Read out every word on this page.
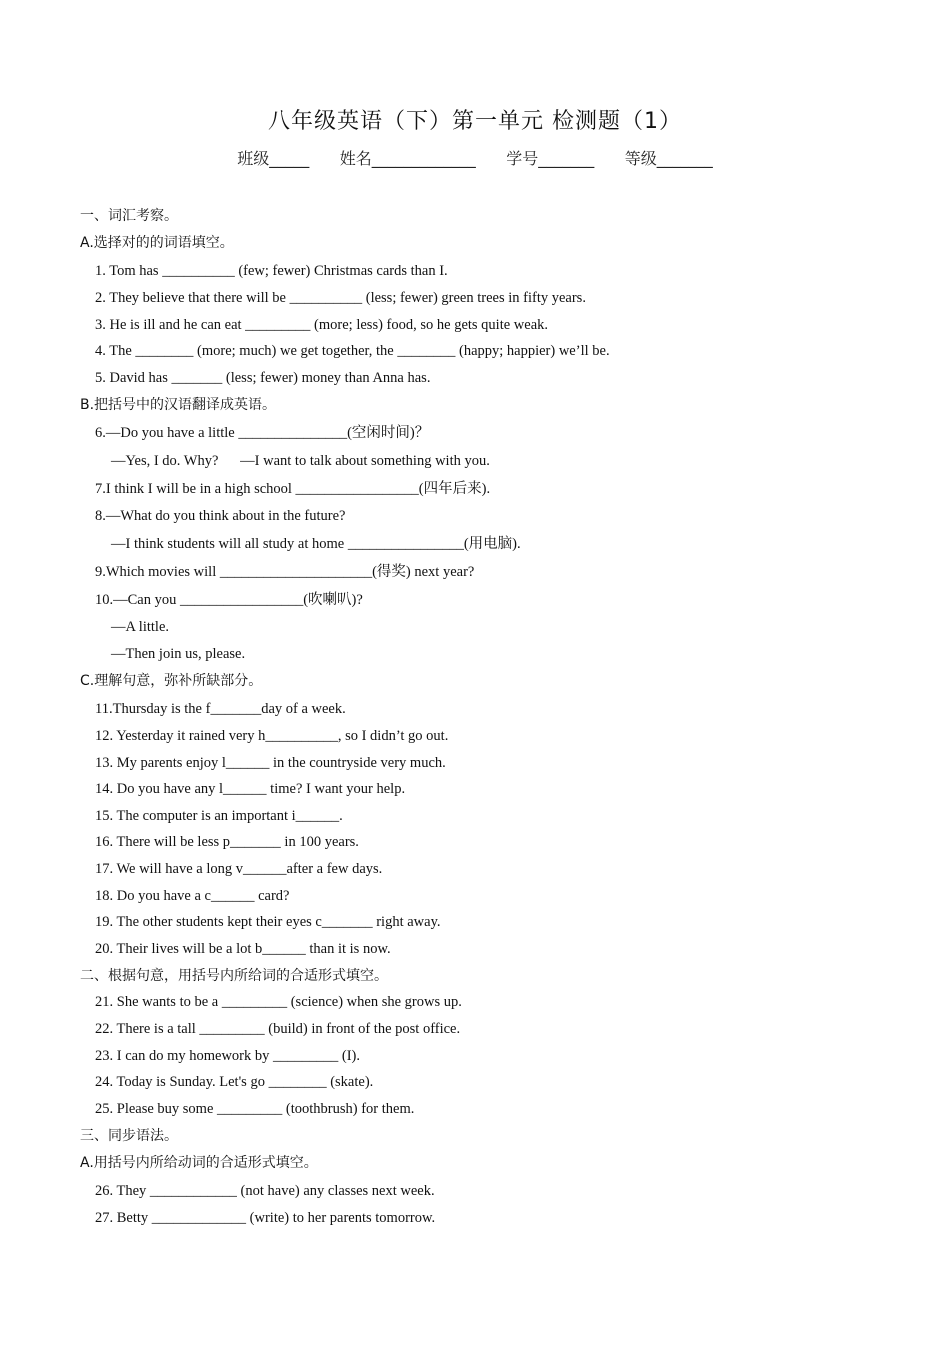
八年级英语（下）第一单元 检测题（1）
班级_____      姓名_____________      学号_______      等级_______
一、词汇考察。
A.选择对的的词语填空。
1. Tom has __________ (few; fewer) Christmas cards than I.
2. They believe that there will be __________ (less; fewer) green trees in fifty years.
3. He is ill and he can eat _________ (more; less) food, so he gets quite weak.
4. The ________ (more; much) we get together, the ________ (happy; happier) we’ll be.
5. David has _______ (less; fewer) money than Anna has.
B.把括号中的汉语翻译成英语。
6.—Do you have a little _______________(空闲时间)？
—Yes, I do. Why?      —I want to talk about something with you.
7.I think I will be in a high school _________________(四年后来).
8.—What do you think about in the future?
—I think students will all study at home ________________(用电脑).
9.Which movies will _____________________(得奖) next year?
10.—Can you _________________(吹喇叭)?
—A little.
—Then join us, please.
C.理解句意，弥补所缺部分。
11.Thursday is the f_______day of a week.
12. Yesterday it rained very h__________, so I didn’t go out.
13. My parents enjoy l______ in the countryside very much.
14. Do you have any l______ time? I want your help.
15. The computer is an important i______.
16. There will be less p_______ in 100 years.
17. We will have a long v______after a few days.
18. Do you have a c______ card?
19. The other students kept their eyes c_______ right away.
20. Their lives will be a lot b______ than it is now.
二、根据句意，用括号内所给词的合适形式填空。
21. She wants to be a _________ (science) when she grows up.
22. There is a tall _________ (build) in front of the post office.
23. I can do my homework by _________ (I).
24. Today is Sunday. Let's go ________ (skate).
25. Please buy some _________ (toothbrush) for them.
三、同步语法。
A.用括号内所给动词的合适形式填空。
26. They ____________ (not have) any classes next week.
27. Betty _____________ (write) to her parents tomorrow.
